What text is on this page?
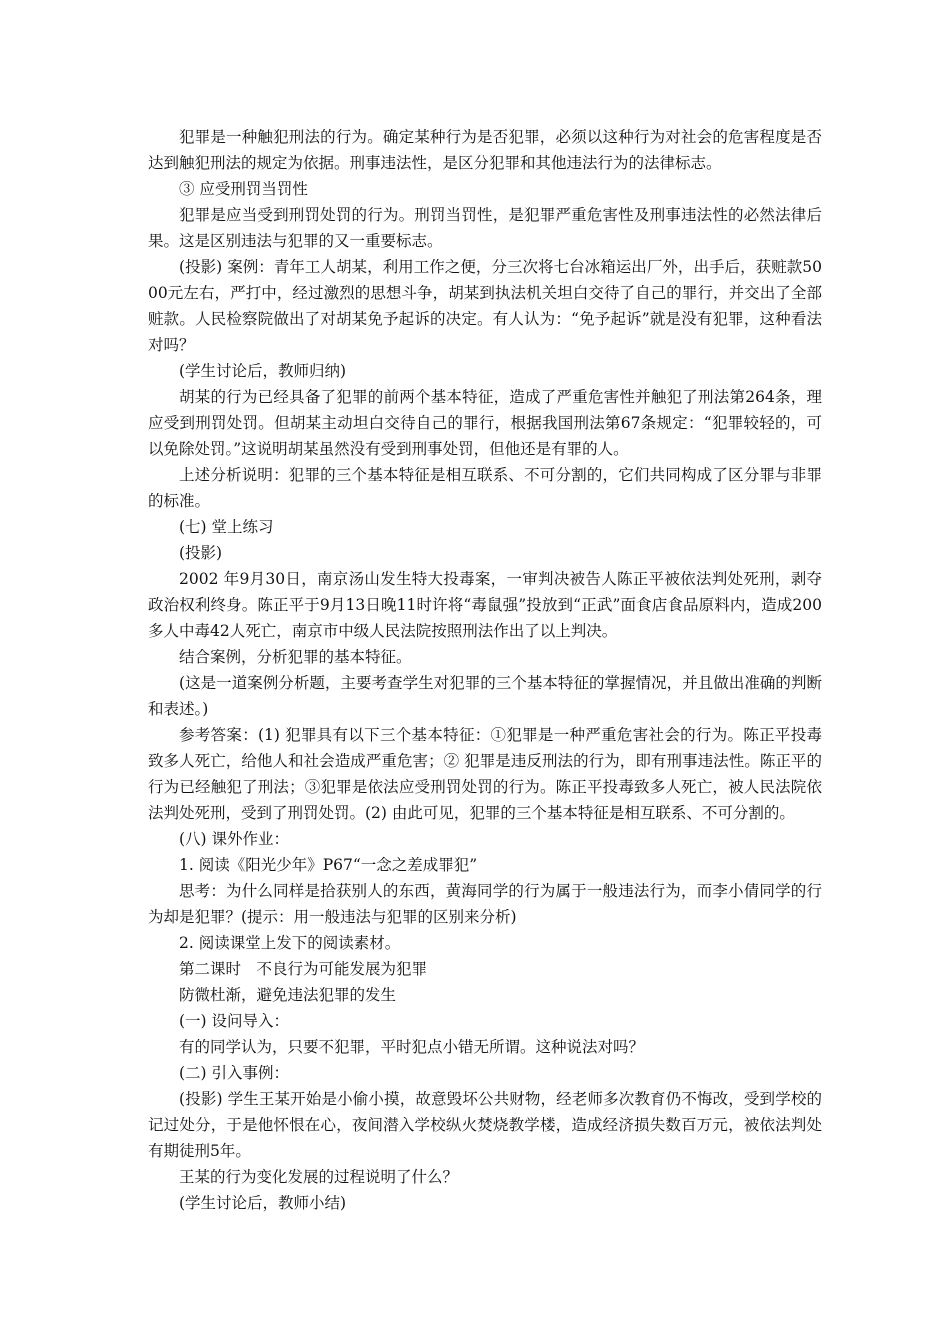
犯罪是一种触犯刑法的行为。确定某种行为是否犯罪，必须以这种行为对社会的危害程度是否达到触犯刑法的规定为依据。刑事违法性，是区分犯罪和其他违法行为的法律标志。

③ 应受刑罚当罚性

犯罪是应当受到刑罚处罚的行为。刑罚当罚性，是犯罪严重危害性及刑事违法性的必然法律后果。这是区别违法与犯罪的又一重要标志。

(投影) 案例：青年工人胡某，利用工作之便，分三次将七台冰箱运出厂外，出手后，获赃款5000元左右，严打中，经过激烈的思想斗争，胡某到执法机关坦白交待了自己的罪行，并交出了全部赃款。人民检察院做出了对胡某免予起诉的决定。有人认为：“免予起诉”就是没有犯罪，这种看法对吗？

(学生讨论后，教师归纳)

胡某的行为已经具备了犯罪的前两个基本特征，造成了严重危害性并触犯了刑法第264条，理应受到刑罚处罚。但胡某主动坦白交待自己的罪行，根据我国刑法第67条规定：“犯罪较轻的，可以免除处罚。”这说明胡某虽然没有受到刑事处罚，但他还是有罪的人。

上述分析说明：犯罪的三个基本特征是相互联系、不可分割的，它们共同构成了区分罪与非罪的标准。

(七) 堂上练习

(投影)

2002 年9月30日，南京汤山发生特大投毒案，一审判决被告人陈正平被依法判处死刑，剥夺政治权利终身。陈正平于9月13日晚11时许将“毒鼠强”投放到“正武”面食店食品原料内，造成200多人中毒42人死亡，南京市中级人民法院按照刑法作出了以上判决。

结合案例，分析犯罪的基本特征。

(这是一道案例分析题，主要考查学生对犯罪的三个基本特征的掌握情况，并且做出准确的判断和表述。)

参考答案：(1) 犯罪具有以下三个基本特征：①犯罪是一种严重危害社会的行为。陈正平投毒致多人死亡，给他人和社会造成严重危害；② 犯罪是违反刑法的行为，即有刑事违法性。陈正平的行为已经触犯了刑法；③犯罪是依法应受刑罚处罚的行为。陈正平投毒致多人死亡，被人民法院依法判处死刑，受到了刑罚处罚。(2) 由此可见，犯罪的三个基本特征是相互联系、不可分割的。

(八) 课外作业：

1. 阅读《阳光少年》P67“一念之差成罪犯”

思考：为什么同样是拾获别人的东西，黄海同学的行为属于一般违法行为，而李小倩同学的行为却是犯罪？(提示：用一般违法与犯罪的区别来分析)

2. 阅读课堂上发下的阅读素材。

第二课时　不良行为可能发展为犯罪

防微杜渐，避免违法犯罪的发生

(一) 设问导入：

有的同学认为，只要不犯罪，平时犯点小错无所谓。这种说法对吗？

(二) 引入事例：

(投影) 学生王某开始是小偷小摸，故意毁坏公共财物，经老师多次教育仍不悔改，受到学校的记过处分，于是他怀恨在心，夜间潜入学校纵火焚烧教学楼，造成经济损失数百万元，被依法判处有期徒刑5年。

王某的行为变化发展的过程说明了什么？

(学生讨论后，教师小结)
